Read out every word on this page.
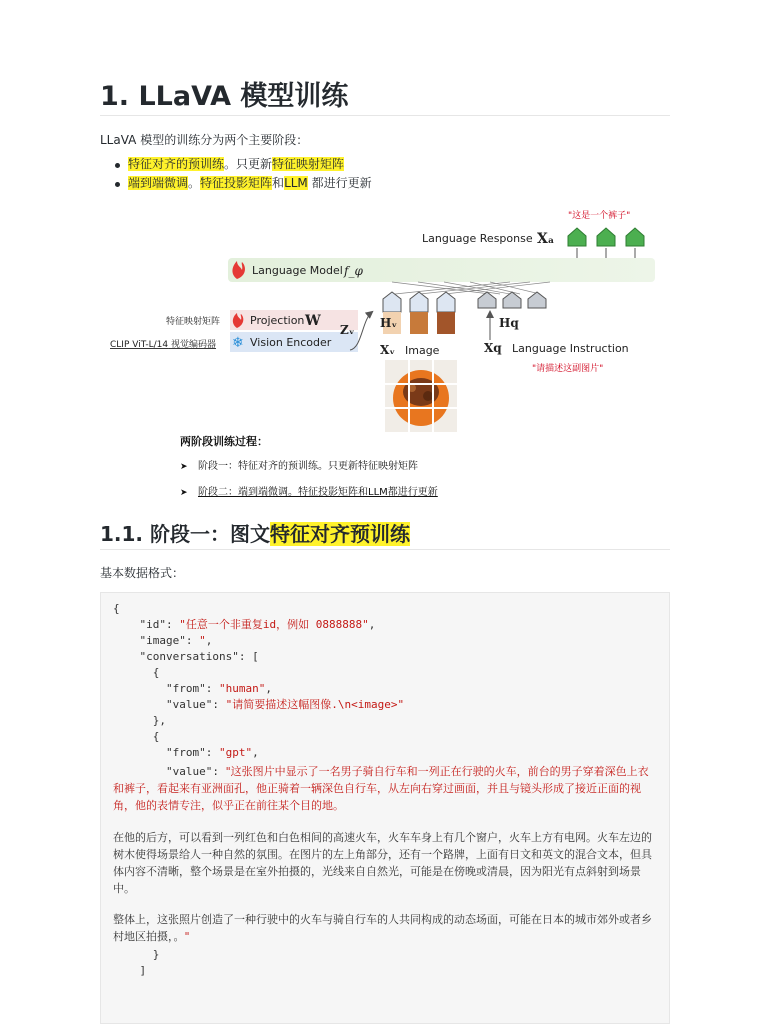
1. LLaVA 模型训练
LLaVA 模型的训练分为两个主要阶段：
特征对齐的预训练。只更新特征映射矩阵
端到端微调。特征投影矩阵和LLM 都进行更新
"这是一个裤子"
Language Response Xₐ
Language Model f_φ
Hᵥ	Hq
特征映射矩阵	Projection W
CLIP ViT-L/14 视觉编码器 ❄ Vision Encoder
Zᵥ
Xᵥ Image	Xq Language Instruction
"请描述这副图片"
两阶段训练过程：
➤ 阶段一：特征对齐的预训练。只更新特征映射矩阵
➤ 阶段二：端到端微调。特征投影矩阵和LLM都进行更新
1.1. 阶段一：图文特征对齐预训练
基本数据格式：
{
"id": "任意一个非重复id，例如 0888888",
"image": ",
"conversations": [
{
"from": "human",
"value": "请简要描述这幅图像.\n<image>"
},
{
"from": "gpt",
"value": "这张图片中显示了一名男子骑自行车和一列正在行驶的火车，前台的男子穿着深色上衣和裤子，看起来有亚洲面孔，他正骑着一辆深色自行车，从左向右穿过画面，并且与镜头形成了接近正面的视角，他的表情专注，似乎正在前往某个目的地。
在他的后方，可以看到一列红色和白色相间的高速火车，火车车身上有几个窗户，火车上方有电网。火车左边的树木使得场景给人一种自然的氛围。在图片的左上角部分，还有一个路牌，上面有日文和英文的混合文本，但具体内容不清晰，整个场景是在室外拍摄的，光线来自自然光，可能是在傍晚或清晨，因为阳光有点斜射到场景中。
整体上，这张照片创造了一种行驶中的火车与骑自行车的人共同构成的动态场面，可能在日本的城市郊外或者乡村地区拍摄，。"
}
]
